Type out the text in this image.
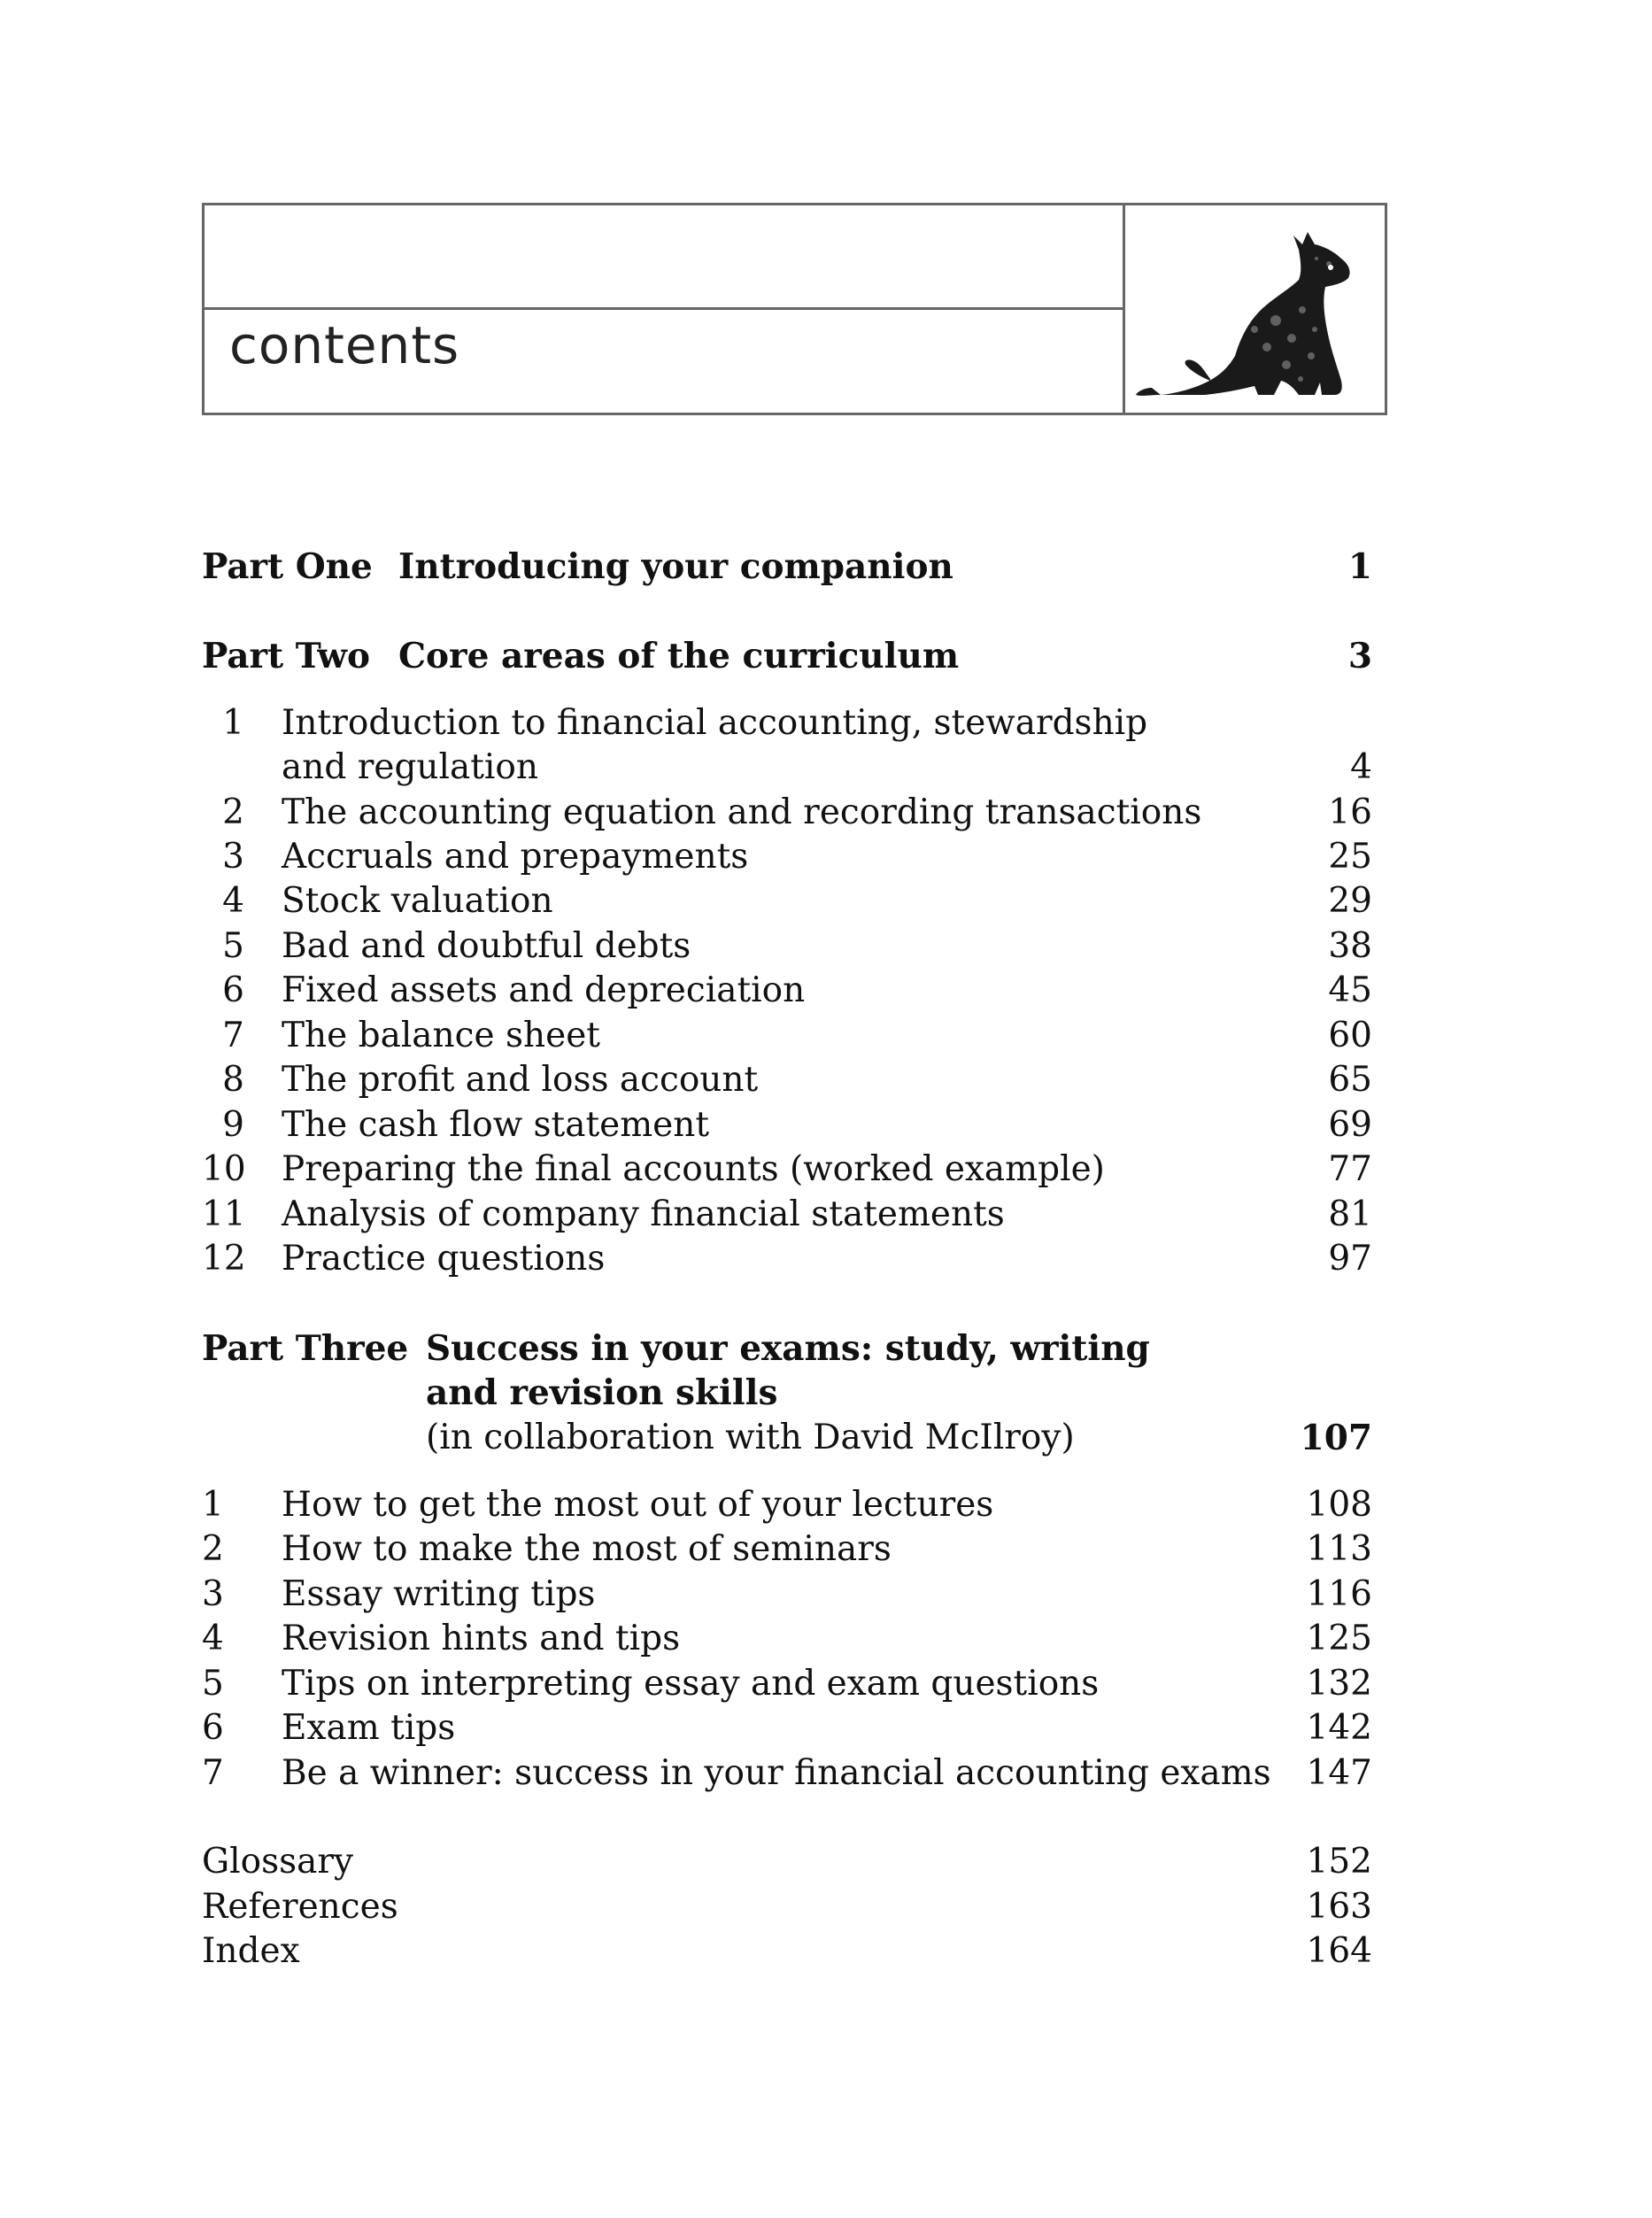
contents
Part One Introducing your companion	1
Part Two Core areas of the curriculum	3
1 Introduction to financial accounting, stewardship
and regulation	4
2 The accounting equation and recording transactions	16
3 Accruals and prepayments	25
4 Stock valuation	29
5 Bad and doubtful debts	38
6 Fixed assets and depreciation	45
7 The balance sheet	60
8 The profit and loss account	65
9 The cash flow statement	69
10 Preparing the final accounts (worked example)	77
11 Analysis of company financial statements	81
12 Practice questions	97
Part Three Success in your exams: study, writing
and revision skills
(in collaboration with David McIlroy)	107
1 How to get the most out of your lectures	108
2 How to make the most of seminars	113
3 Essay writing tips	116
4 Revision hints and tips	125
5 Tips on interpreting essay and exam questions	132
6 Exam tips	142
7 Be a winner: success in your financial accounting exams 147
Glossary	152
References	163
Index	164
